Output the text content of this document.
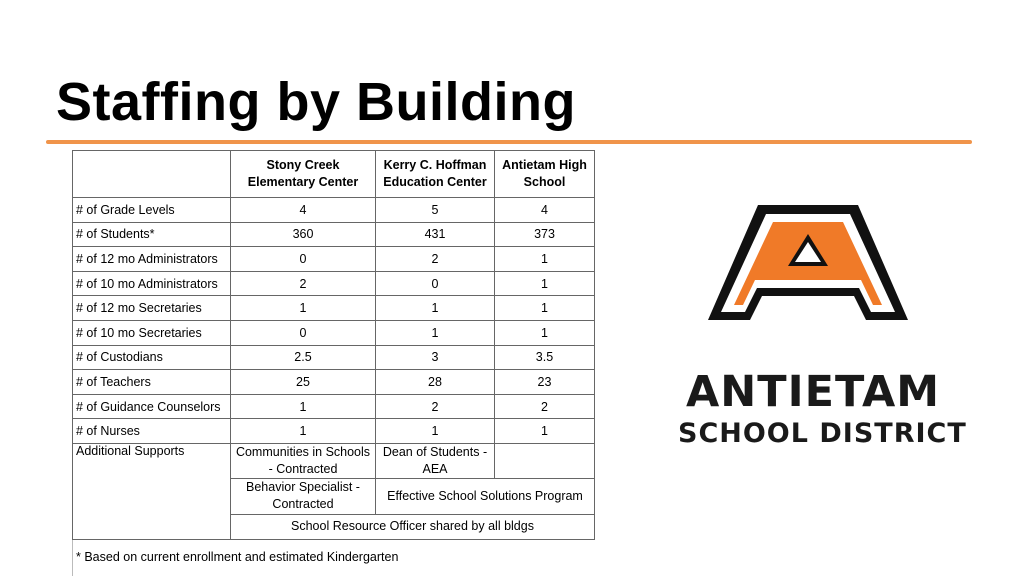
Staffing by Building
	Stony Creek Elementary Center	Kerry C. Hoffman Education Center	Antietam High School
# of Grade Levels	4	5	4
# of Students*	360	431	373
# of 12 mo Administrators	0	2	1
# of 10 mo Administrators	2	0	1
# of 12 mo Secretaries	1	1	1
# of 10 mo Secretaries	0	1	1
# of Custodians	2.5	3	3.5
# of Teachers	25	28	23
# of Guidance Counselors	1	2	2
# of Nurses	1	1	1
Additional Supports	Communities in Schools - Contracted	Dean of Students - AEA	
	Behavior Specialist - Contracted	Effective School Solutions Program	
	School Resource Officer shared by all bldgs		
* Based on current enrollment and estimated Kindergarten
ANTIETAM
SCHOOL DISTRICT
